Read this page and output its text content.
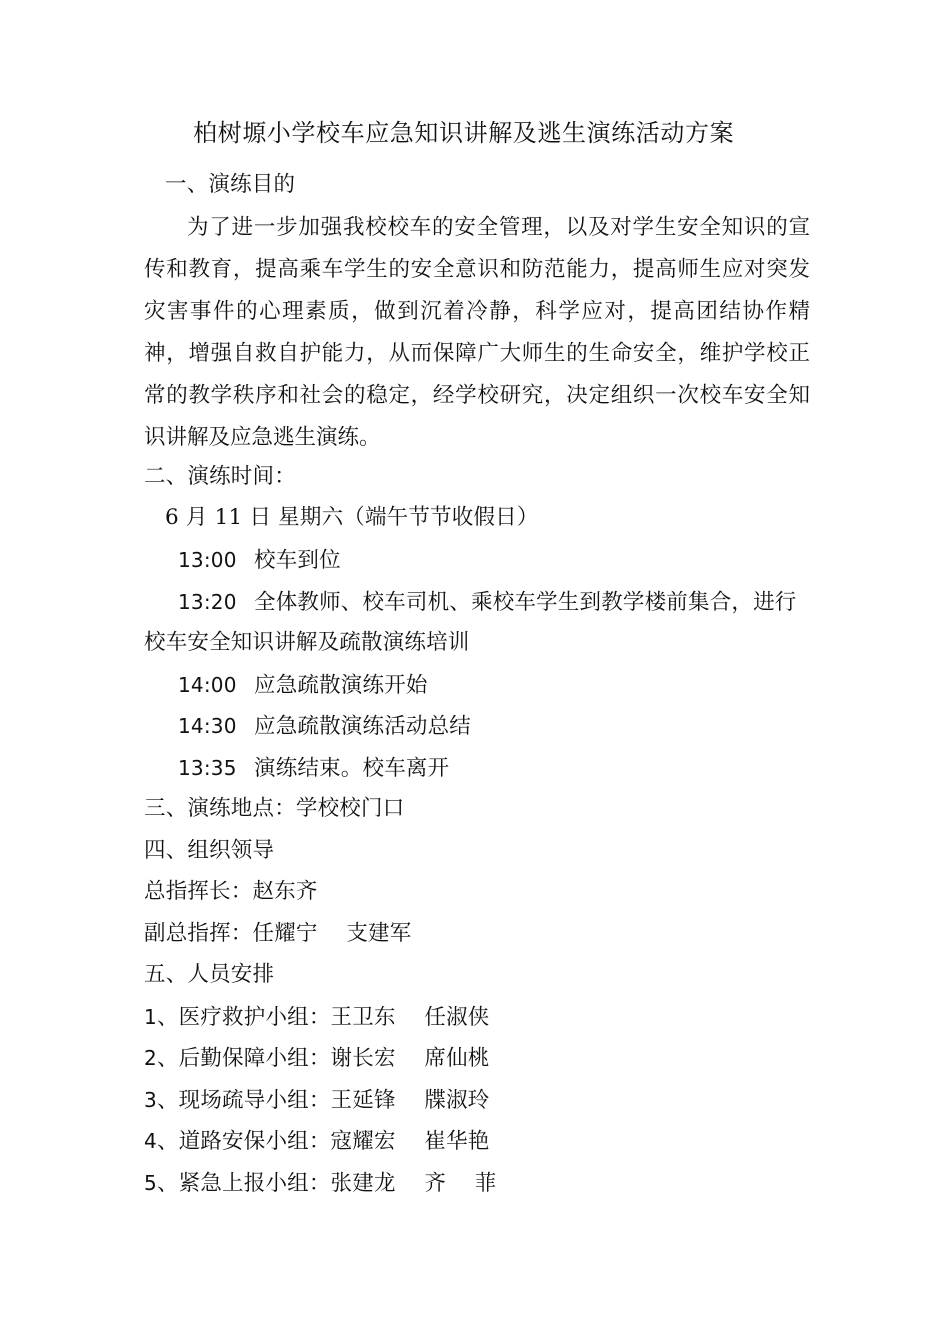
柏树塬小学校车应急知识讲解及逃生演练活动方案
一、演练目的
为了进一步加强我校校车的安全管理，以及对学生安全知识的宣传和教育，提高乘车学生的安全意识和防范能力，提高师生应对突发灾害事件的心理素质，做到沉着冷静，科学应对，提高团结协作精神，增强自救自护能力，从而保障广大师生的生命安全，维护学校正常的教学秩序和社会的稳定，经学校研究，决定组织一次校车安全知识讲解及应急逃生演练。
二、演练时间：
6 月 11 日 星期六（端午节节收假日）
13:00 校车到位
13:20 全体教师、校车司机、乘校车学生到教学楼前集合，进行
校车安全知识讲解及疏散演练培训
14:00 应急疏散演练开始
14:30 应急疏散演练活动总结
13:35 演练结束。校车离开
三、演练地点：学校校门口
四、组织领导
总指挥长：赵东齐
副总指挥：任耀宁　 支建军
五、人员安排
1、医疗救护小组：王卫东　 任淑侠
2、后勤保障小组：谢长宏　 席仙桃
3、现场疏导小组：王延锋　 牒淑玲
4、道路安保小组：寇耀宏　 崔华艳
5、紧急上报小组：张建龙　 齐　 菲
